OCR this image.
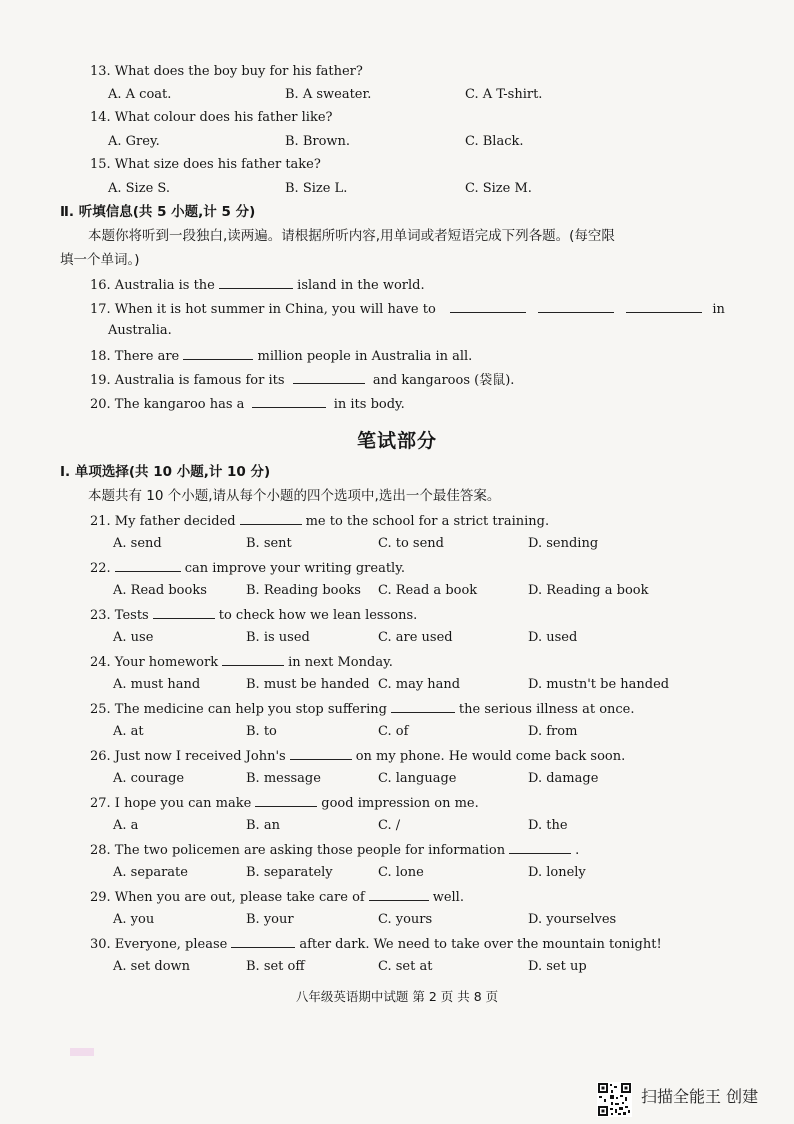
13. What does the boy buy for his father?
A. A coat.	B. A sweater.	C. A T-shirt.
14. What colour does his father like?
A. Grey.	B. Brown.	C. Black.
15. What size does his father take?
A. Size S.	B. Size L.	C. Size M.
Ⅱ. 听填信息(共 5 小题,计 5 分)
本题你将听到一段独白,读两遍。请根据所听内容,用单词或者短语完成下列各题。(每空限
填一个单词。)
16. Australia is the	island in the world.
17. When it is hot summer in China, you will have to	in
Australia.
18. There are	million people in Australia in all.
19. Australia is famous for its	and kangaroos (袋鼠).
20. The kangaroo has a	in its body.
笔试部分
Ⅰ. 单项选择(共 10 小题,计 10 分)
本题共有 10 个小题,请从每个小题的四个选项中,选出一个最佳答案。
21. My father decided	me to the school for a strict training.
A. send	B. sent	C. to send	D. sending
22.	can improve your writing greatly.
A. Read books	B. Reading books C. Read a book	D. Reading a book
23. Tests	to check how we lean lessons.
A. use	B. is used	C. are used	D. used
24. Your homework	in next Monday.
A. must hand	B. must be handed C. may hand	D. mustn't be handed
25. The medicine can help you stop suffering	the serious illness at once.
A. at	B. to	C. of	D. from
26. Just now I received John's	on my phone. He would come back soon.
A. courage	B. message	C. language	D. damage
27. I hope you can make	good impression on me.
A. a	B. an	C. /	D. the
28. The two policemen are asking those people for information	.
A. separate	B. separately	C. lone	D. lonely
29. When you are out, please take care of	well.
A. you	B. your	C. yours	D. yourselves
30. Everyone, please	after dark. We need to take over the mountain tonight!
A. set down	B. set off	C. set at	D. set up
八年级英语期中试题 第 2 页 共 8 页
扫描全能王 创建
